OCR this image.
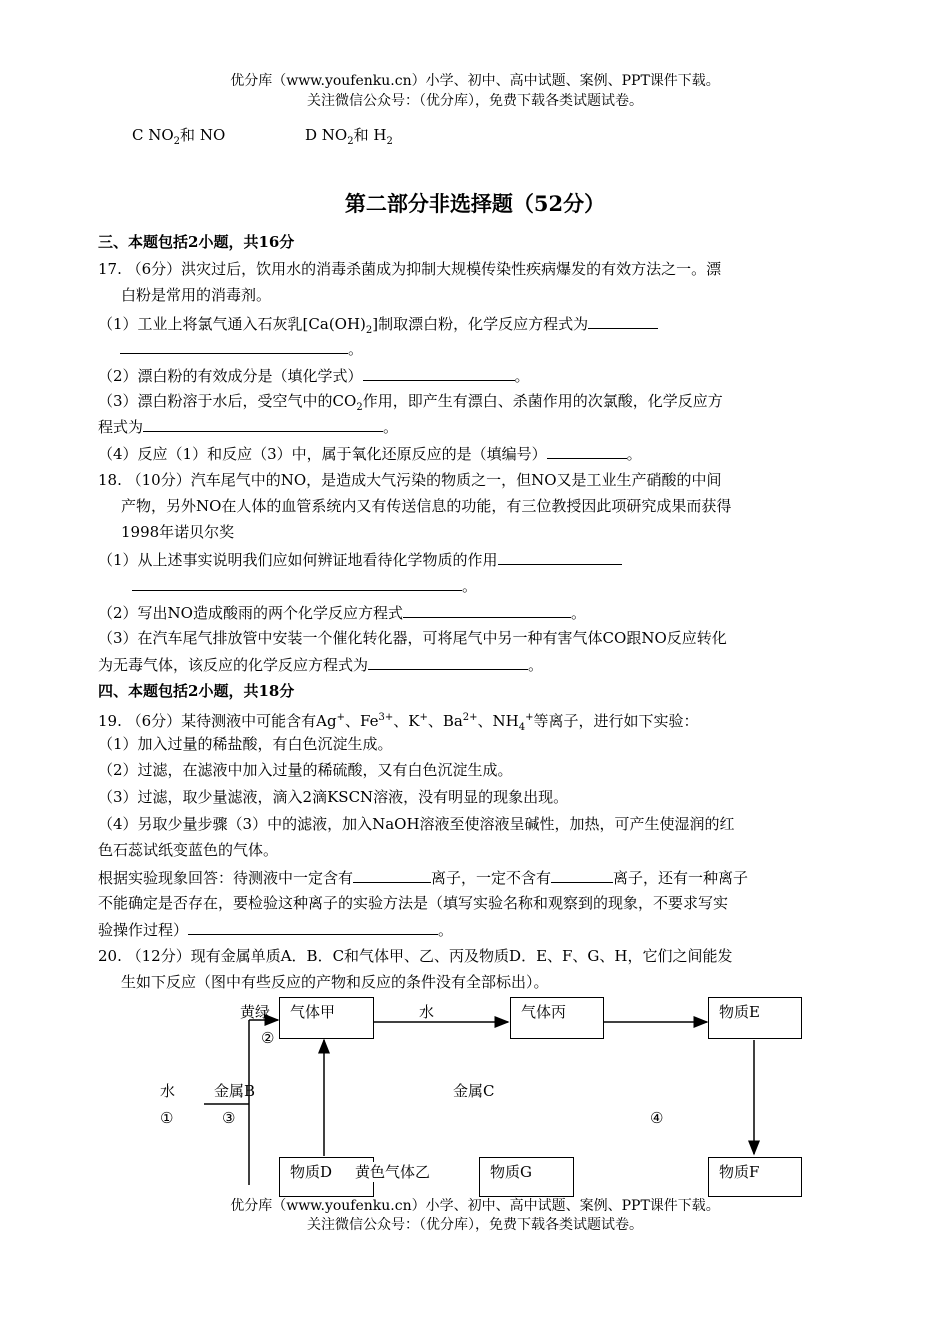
优分库（www.youfenku.cn）小学、初中、高中试题、案例、PPT课件下载。
关注微信公众号：（优分库），免费下载各类试题试卷。
C $NO_2$和 NO	D $NO_2$和 $H_2$
第二部分非选择题（52分）
三、本题包括2小题，共16分
17. （6分）洪灾过后，饮用水的消毒杀菌成为抑制大规模传染性疾病爆发的有效方法之一。漂
白粉是常用的消毒剂。
（1）工业上将氯气通入石灰乳$[Ca(OH)_2]$制取漂白粉，化学反应方程式为
。
（2）漂白粉的有效成分是（填化学式）	。
（3）漂白粉溶于水后，受空气中的$CO_2$作用，即产生有漂白、杀菌作用的次氯酸，化学反应方
程式为	。
（4）反应（1）和反应（3）中，属于氧化还原反应的是（填编号）	。
18. （10分）汽车尾气中的NO，是造成大气污染的物质之一，但NO又是工业生产硝酸的中间
产物，另外NO在人体的血管系统内又有传送信息的功能，有三位教授因此项研究成果而获得
1998年诺贝尔奖
（1）从上述事实说明我们应如何辨证地看待化学物质的作用
。
（2）写出NO造成酸雨的两个化学反应方程式	。
（3）在汽车尾气排放管中安装一个催化转化器，可将尾气中另一种有害气体CO跟NO反应转化
为无毒气体，该反应的化学反应方程式为	。
四、本题包括2小题，共18分
19. （6分）某待测液中可能含有Ag+、$Fe^{3+}$、K+、$Ba^{2+}$、$NH_4^+$等离子，进行如下实验：
（1）加入过量的稀盐酸，有白色沉淀生成。
（2）过滤，在滤液中加入过量的稀硫酸，又有白色沉淀生成。
（3）过滤，取少量滤液，滴入2滴KSCN溶液，没有明显的现象出现。
（4）另取少量步骤（3）中的滤液，加入NaOH溶液至使溶液呈碱性，加热，可产生使湿润的红
色石蕊试纸变蓝色的气体。
根据实验现象回答：待测液中一定含有	离子，一定不含有	离子，还有一种离子
不能确定是否存在，要检验这种离子的实验方法是（填写实验名称和观察到的现象，不要求写实
验操作过程）	。
20. （12分）现有金属单质A．B．C和气体甲、乙、丙及物质D．E、F、G、H，它们之间能发
生如下反应（图中有些反应的产物和反应的条件没有全部标出）。
气体甲	气体丙	物质E
物质D	物质G	物质F
黄绿
②
水
水
①
金属B
③
金属C
④
黄色气体乙
优分库（www.youfenku.cn）小学、初中、高中试题、案例、PPT课件下载。
关注微信公众号：（优分库），免费下载各类试题试卷。
